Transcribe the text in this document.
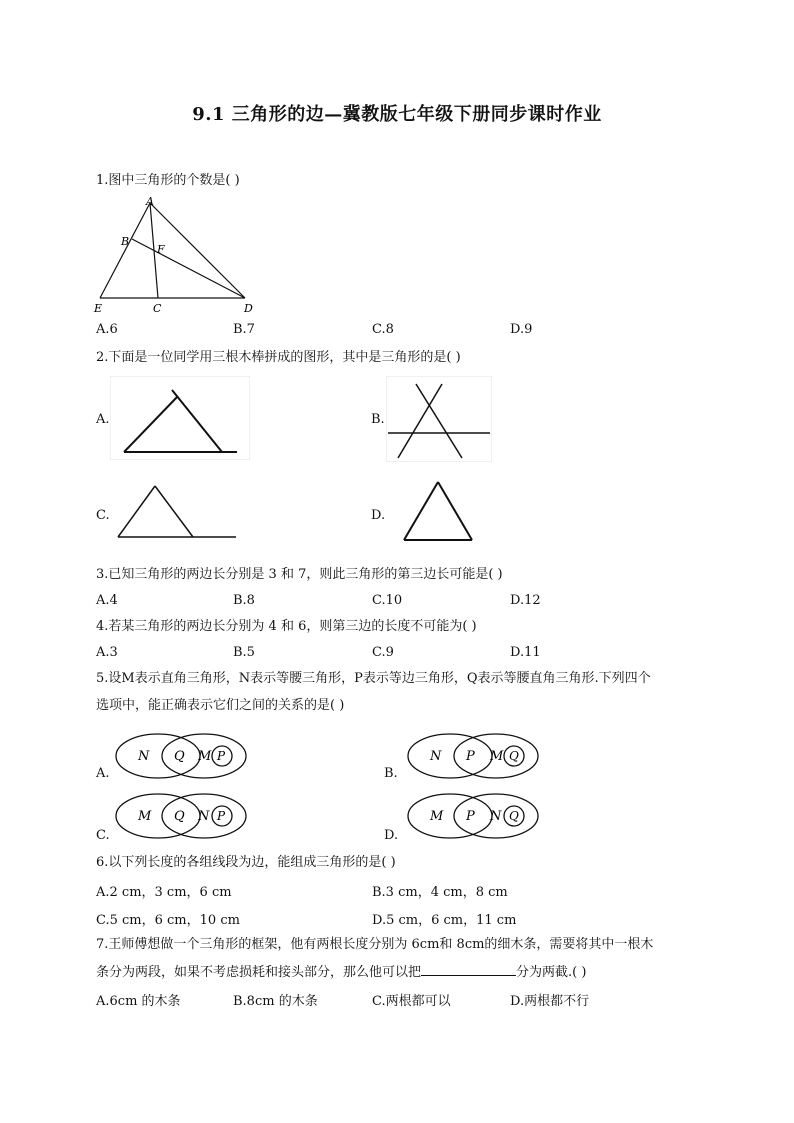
9.1 三角形的边—冀教版七年级下册同步课时作业
1.图中三角形的个数是( )
A
B
F
E	C	D
A.6	B.7	C.8	D.9
2.下面是一位同学用三根木棒拼成的图形，其中是三角形的是( )
A.	B.
C.	D.
3.已知三角形的两边长分别是 3 和 7，则此三角形的第三边长可能是( )
A.4	B.8	C.10	D.12
4.若某三角形的两边长分别为 4 和 6，则第三边的长度不可能为( )
A.3	B.5	C.9	D.11
5.设M表示直角三角形，N表示等腰三角形，P表示等边三角形，Q表示等腰直角三角形.下列四个
选项中，能正确表示它们之间的关系的是( )
N Q M P
A.
N P M Q
B.
M Q N P
C.
M P N Q
D.
6.以下列长度的各组线段为边，能组成三角形的是( )
A.2 cm，3 cm，6 cm	B.3 cm，4 cm，8 cm
C.5 cm，6 cm，10 cm	D.5 cm，6 cm，11 cm
7.王师傅想做一个三角形的框架，他有两根长度分别为 6cm和 8cm的细木条，需要将其中一根木
条分为两段，如果不考虑损耗和接头部分，那么他可以把	分为两截.( )
A.6cm 的木条	B.8cm 的木条	C.两根都可以	D.两根都不行
